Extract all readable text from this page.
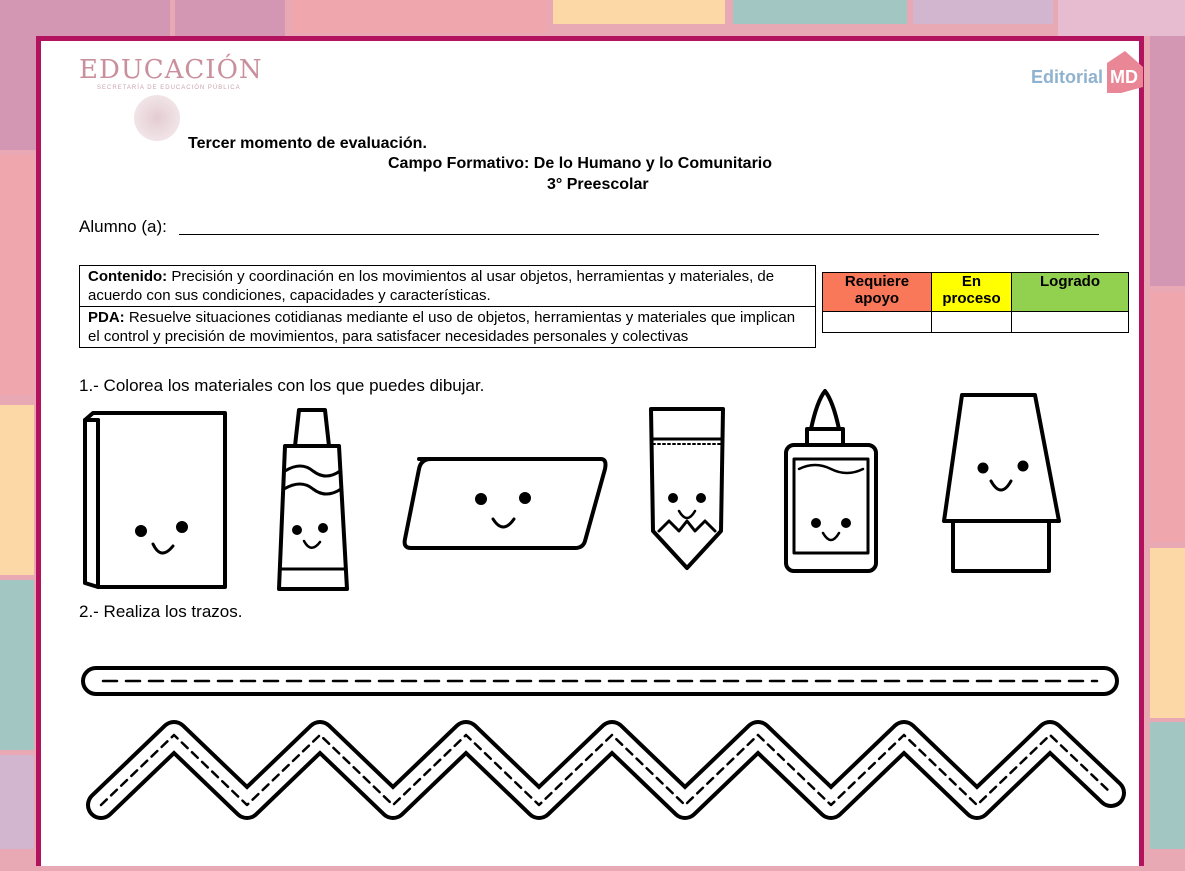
EDUCACIÓN
SECRETARÍA DE EDUCACIÓN PÚBLICA
Editorial MD
Tercer momento de evaluación.
Campo Formativo: De lo Humano y lo Comunitario
3° Preescolar
Alumno (a):
Contenido: Precisión y coordinación en los movimientos al usar objetos, herramientas y materiales, de acuerdo con sus condiciones, capacidades y características.
PDA: Resuelve situaciones cotidianas mediante el uso de objetos, herramientas y materiales que implican el control y precisión de movimientos, para satisfacer necesidades personales y colectivas
Requiere apoyo	En proceso	Logrado

1.- Colorea los materiales con los que puedes dibujar.
2.- Realiza los trazos.
